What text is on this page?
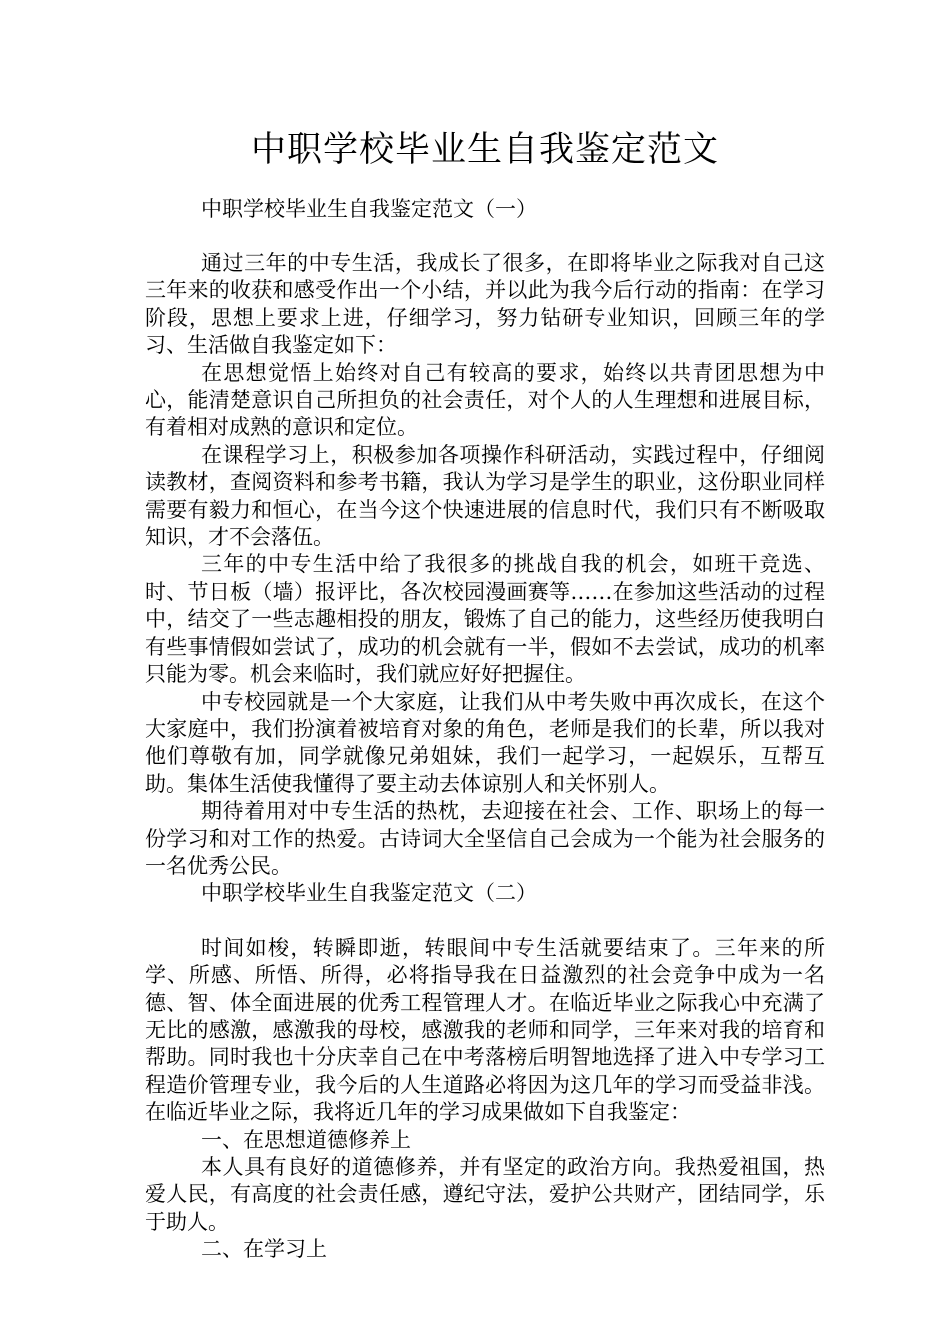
中职学校毕业生自我鉴定范文

中职学校毕业生自我鉴定范文（一）

通过三年的中专生活，我成长了很多，在即将毕业之际我对自己这三年来的收获和感受作出一个小结，并以此为我今后行动的指南：在学习阶段，思想上要求上进，仔细学习，努力钻研专业知识，回顾三年的学习、生活做自我鉴定如下：

在思想觉悟上始终对自己有较高的要求，始终以共青团思想为中心，能清楚意识自己所担负的社会责任，对个人的人生理想和进展目标，有着相对成熟的意识和定位。

在课程学习上，积极参加各项操作科研活动，实践过程中，仔细阅读教材，查阅资料和参考书籍，我认为学习是学生的职业，这份职业同样需要有毅力和恒心，在当今这个快速进展的信息时代，我们只有不断吸取知识，才不会落伍。

三年的中专生活中给了我很多的挑战自我的机会，如班干竞选、时、节日板（墙）报评比，各次校园漫画赛等……在参加这些活动的过程中，结交了一些志趣相投的朋友，锻炼了自己的能力，这些经历使我明白有些事情假如尝试了，成功的机会就有一半，假如不去尝试，成功的机率只能为零。机会来临时，我们就应好好把握住。

中专校园就是一个大家庭，让我们从中考失败中再次成长，在这个大家庭中，我们扮演着被培育对象的角色，老师是我们的长辈，所以我对他们尊敬有加，同学就像兄弟姐妹，我们一起学习，一起娱乐，互帮互助。集体生活使我懂得了要主动去体谅别人和关怀别人。

期待着用对中专生活的热枕，去迎接在社会、工作、职场上的每一份学习和对工作的热爱。古诗词大全坚信自己会成为一个能为社会服务的一名优秀公民。

中职学校毕业生自我鉴定范文（二）

时间如梭，转瞬即逝，转眼间中专生活就要结束了。三年来的所学、所感、所悟、所得，必将指导我在日益激烈的社会竞争中成为一名德、智、体全面进展的优秀工程管理人才。在临近毕业之际我心中充满了无比的感激，感激我的母校，感激我的老师和同学，三年来对我的培育和帮助。同时我也十分庆幸自己在中考落榜后明智地选择了进入中专学习工程造价管理专业，我今后的人生道路必将因为这几年的学习而受益非浅。在临近毕业之际，我将近几年的学习成果做如下自我鉴定：

一、在思想道德修养上

本人具有良好的道德修养，并有坚定的政治方向。我热爱祖国，热爱人民，有高度的社会责任感，遵纪守法，爱护公共财产，团结同学，乐于助人。

二、在学习上
